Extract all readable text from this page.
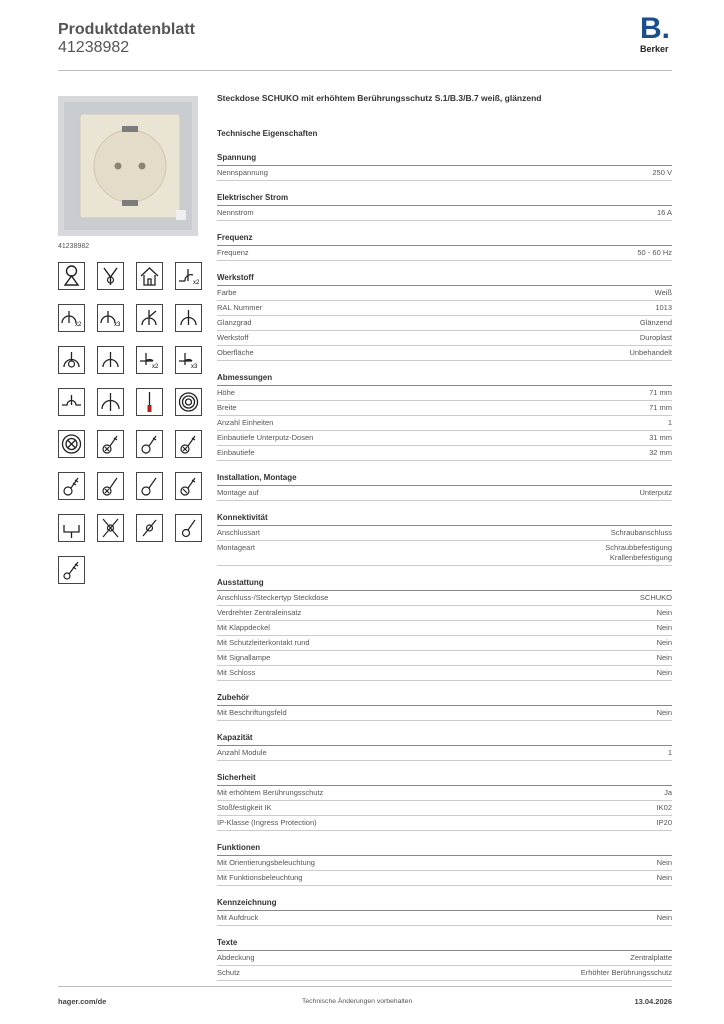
Produktdatenblatt
41238982
B.
Berker
41238982
x2
x2	x3
x2	x3
Steckdose SCHUKO mit erhöhtem Berührungsschutz S.1/B.3/B.7 weiß, glänzend
Technische Eigenschaften
Spannung
Nennspannung	250 V
Elektrischer Strom
Nennstrom	16 A
Frequenz
Frequenz	50 - 60 Hz
Werkstoff
Farbe	Weiß
RAL Nummer	1013
Glanzgrad	Glänzend
Werkstoff	Duroplast
Oberfläche	Unbehandelt
Abmessungen
Höhe	71 mm
Breite	71 mm
Anzahl Einheiten	1
Einbautiefe Unterputz-Dosen	31 mm
Einbautiefe	32 mm
Installation, Montage
Montage auf	Unterputz
Konnektivität
Anschlussart	Schraubanschluss
Montageart	Schraubbefestigung
Krallenbefestigung
Ausstattung
Anschluss-/Steckertyp Steckdose	SCHUKO
Verdrehter Zentraleinsatz	Nein
Mit Klappdeckel	Nein
Mit Schutzleiterkontakt rund	Nein
Mit Signallampe	Nein
Mit Schloss	Nein
Zubehör
Mit Beschriftungsfeld	Nein
Kapazität
Anzahl Module	1
Sicherheit
Mit erhöhtem Berührungsschutz	Ja
Stoßfestigkeit IK	IK02
IP-Klasse (Ingress Protection)	IP20
Funktionen
Mit Orientierungsbeleuchtung	Nein
Mit Funktionsbeleuchtung	Nein
Kennzeichnung
Mit Aufdruck	Nein
Texte
Abdeckung	Zentralplatte
Schutz	Erhöhter Berührungsschutz
hager.com/de	Technische Änderungen vorbehalten	13.04.2026
